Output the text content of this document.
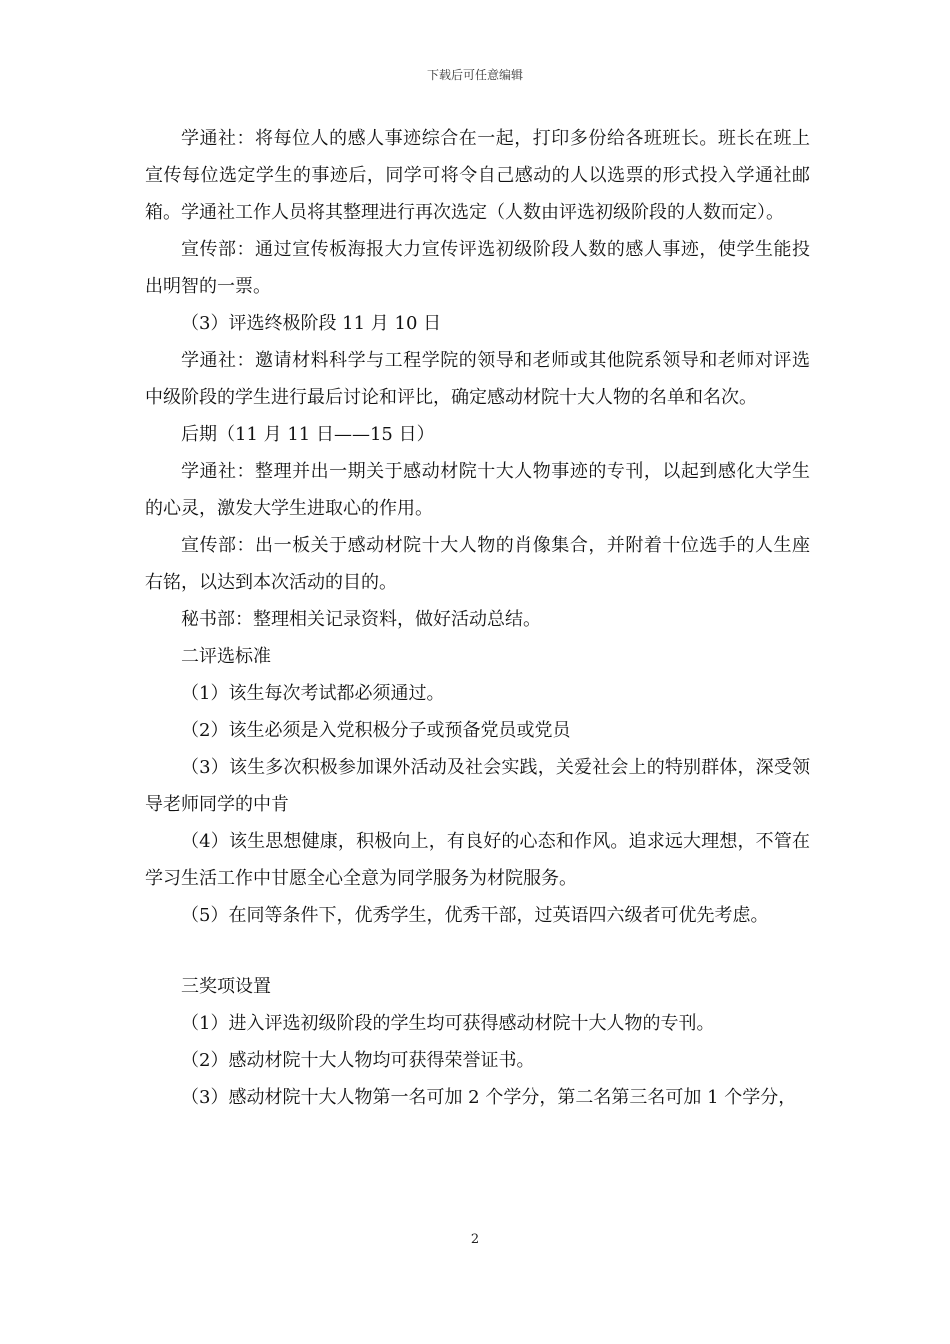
下载后可任意编辑

学通社：将每位人的感人事迹综合在一起，打印多份给各班班长。班长在班上宣传每位选定学生的事迹后，同学可将令自己感动的人以选票的形式投入学通社邮箱。学通社工作人员将其整理进行再次选定（人数由评选初级阶段的人数而定）。

宣传部：通过宣传板海报大力宣传评选初级阶段人数的感人事迹，使学生能投出明智的一票。

（3）评选终极阶段 11 月 10 日

学通社：邀请材料科学与工程学院的领导和老师或其他院系领导和老师对评选中级阶段的学生进行最后讨论和评比，确定感动材院十大人物的名单和名次。

后期（11 月 11 日——15 日）

学通社：整理并出一期关于感动材院十大人物事迹的专刊，以起到感化大学生的心灵，激发大学生进取心的作用。

宣传部：出一板关于感动材院十大人物的肖像集合，并附着十位选手的人生座右铭，以达到本次活动的目的。

秘书部：整理相关记录资料，做好活动总结。

二评选标准

（1）该生每次考试都必须通过。

（2）该生必须是入党积极分子或预备党员或党员

（3）该生多次积极参加课外活动及社会实践，关爱社会上的特别群体，深受领导老师同学的中肯

（4）该生思想健康，积极向上，有良好的心态和作风。追求远大理想，不管在学习生活工作中甘愿全心全意为同学服务为材院服务。

（5）在同等条件下，优秀学生，优秀干部，过英语四六级者可优先考虑。

三奖项设置

（1）进入评选初级阶段的学生均可获得感动材院十大人物的专刊。

（2）感动材院十大人物均可获得荣誉证书。

（3）感动材院十大人物第一名可加 2 个学分，第二名第三名可加 1 个学分，

2
